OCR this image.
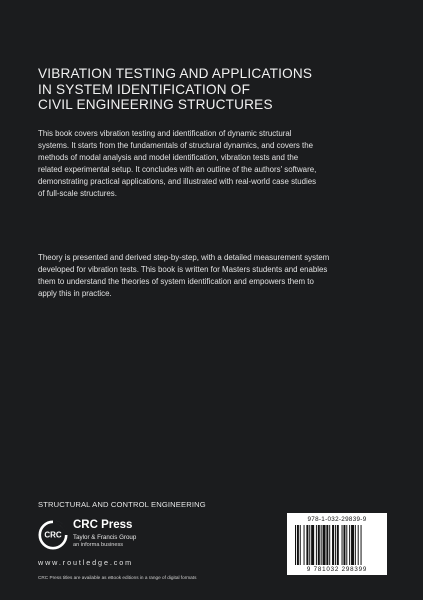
VIBRATION TESTING AND APPLICATIONS
IN SYSTEM IDENTIFICATION OF
CIVIL ENGINEERING STRUCTURES

This book covers vibration testing and identification of dynamic structural
systems. It starts from the fundamentals of structural dynamics, and covers the
methods of modal analysis and model identification, vibration tests and the
related experimental setup. It concludes with an outline of the authors' software,
demonstrating practical applications, and illustrated with real-world case studies
of full-scale structures.

Theory is presented and derived step-by-step, with a detailed measurement system
developed for vibration tests. This book is written for Masters students and enables
them to understand the theories of system identification and empowers them to
apply this in practice.

STRUCTURAL AND CONTROL ENGINEERING
CRC
CRC Press
Taylor & Francis Group
an informa business
www.routledge.com
CRC Press titles are available as eBook editions in a range of digital formats
978-1-032-29839-9
9 781032 298399
